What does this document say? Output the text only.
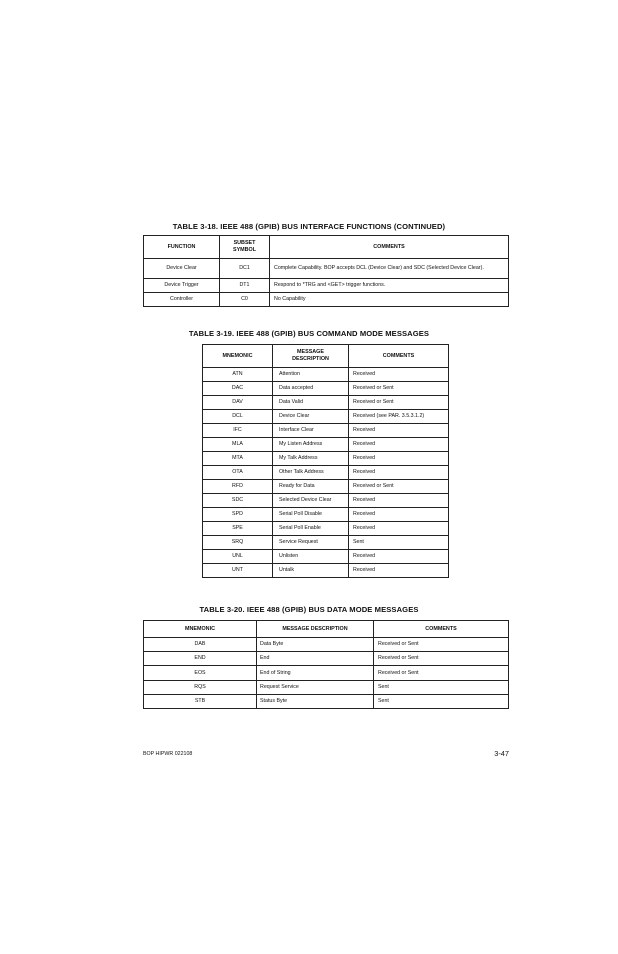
TABLE 3-18. IEEE 488 (GPIB) BUS INTERFACE FUNCTIONS (CONTINUED)
FUNCTION	SUBSET SYMBOL	COMMENTS
Device Clear	DC1	Complete Capability. BOP accepts DCL (Device Clear) and SDC (Selected Device Clear).
Device Trigger	DT1	Respond to *TRG and <GET> trigger functions.
Controller	C0	No Capability
TABLE 3-19. IEEE 488 (GPIB) BUS COMMAND MODE MESSAGES
MNEMONIC	MESSAGE DESCRIPTION	COMMENTS
ATN	Attention	Received
DAC	Data accepted	Received or Sent
DAV	Data Valid	Received or Sent
DCL	Device Clear	Received (see PAR. 3.5.3.1.2)
IFC	Interface Clear	Received
MLA	My Listen Address	Received
MTA	My Talk Address	Received
OTA	Other Talk Address	Received
RFD	Ready for Data	Received or Sent
SDC	Selected Device Clear	Received
SPD	Serial Poll Disable	Received
SPE	Serial Poll Enable	Received
SRQ	Service Request	Sent
UNL	Unlisten	Received
UNT	Untalk	Received
TABLE 3-20. IEEE 488 (GPIB) BUS DATA MODE MESSAGES
MNEMONIC	MESSAGE DESCRIPTION	COMMENTS
DAB	Data Byte	Received or Sent
END	End	Received or Sent
EOS	End of String	Received or Sent
RQS	Request Service	Sent
STB	Status Byte	Sent
BOP HIPWR 022108	3-47
